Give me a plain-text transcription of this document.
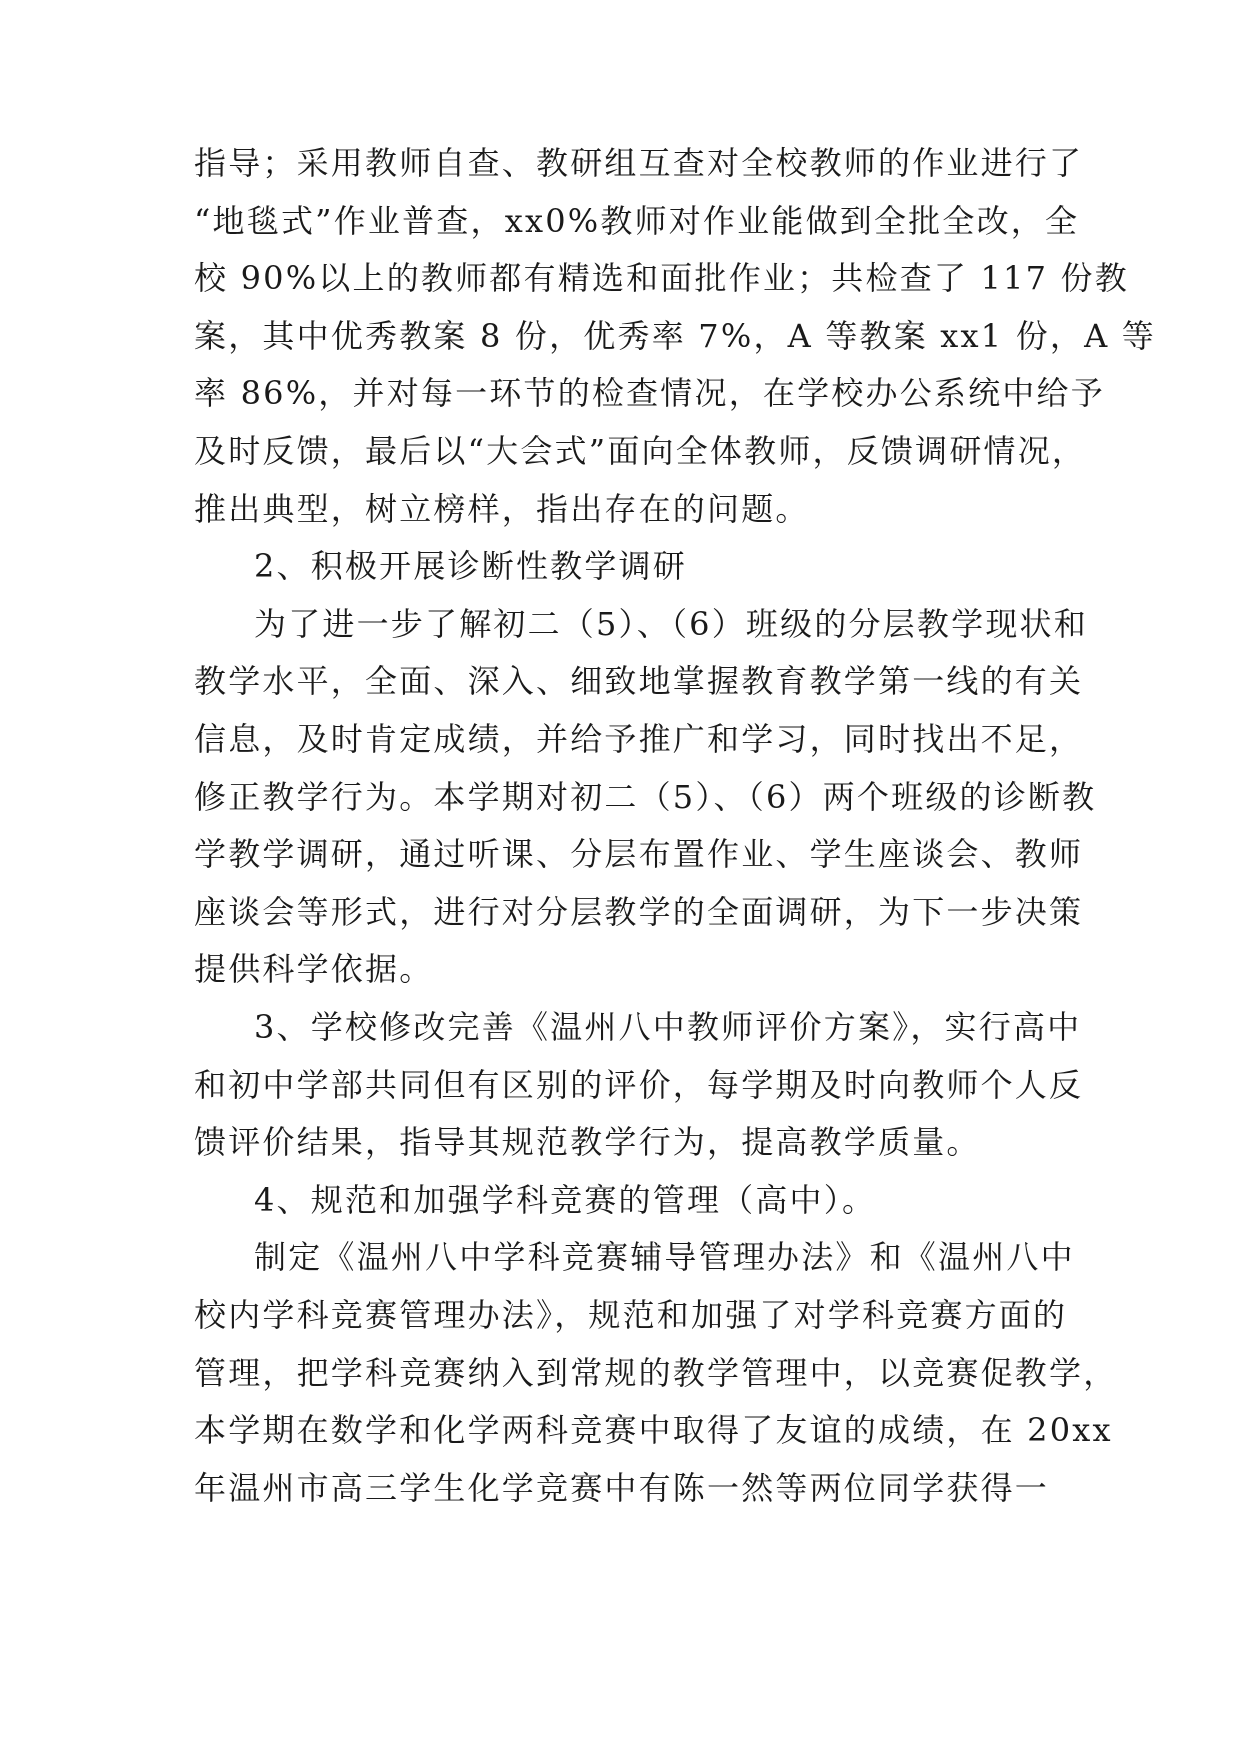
指导；采用教师自查、教研组互查对全校教师的作业进行了
“地毯式”作业普查，xx0%教师对作业能做到全批全改，全
校 90%以上的教师都有精选和面批作业；共检查了 117 份教
案，其中优秀教案 8 份，优秀率 7%，A 等教案 xx1 份，A 等
率 86%，并对每一环节的检查情况，在学校办公系统中给予
及时反馈，最后以“大会式”面向全体教师，反馈调研情况，
推出典型，树立榜样，指出存在的问题。
2、积极开展诊断性教学调研
为了进一步了解初二（5）、（6）班级的分层教学现状和
教学水平，全面、深入、细致地掌握教育教学第一线的有关
信息，及时肯定成绩，并给予推广和学习，同时找出不足，
修正教学行为。本学期对初二（5）、（6）两个班级的诊断教
学教学调研，通过听课、分层布置作业、学生座谈会、教师
座谈会等形式，进行对分层教学的全面调研，为下一步决策
提供科学依据。
3、学校修改完善《温州八中教师评价方案》，实行高中
和初中学部共同但有区别的评价，每学期及时向教师个人反
馈评价结果，指导其规范教学行为，提高教学质量。
4、规范和加强学科竞赛的管理（高中）。
制定《温州八中学科竞赛辅导管理办法》和《温州八中
校内学科竞赛管理办法》，规范和加强了对学科竞赛方面的
管理，把学科竞赛纳入到常规的教学管理中，以竞赛促教学，
本学期在数学和化学两科竞赛中取得了友谊的成绩，在 20xx
年温州市高三学生化学竞赛中有陈一然等两位同学获得一
